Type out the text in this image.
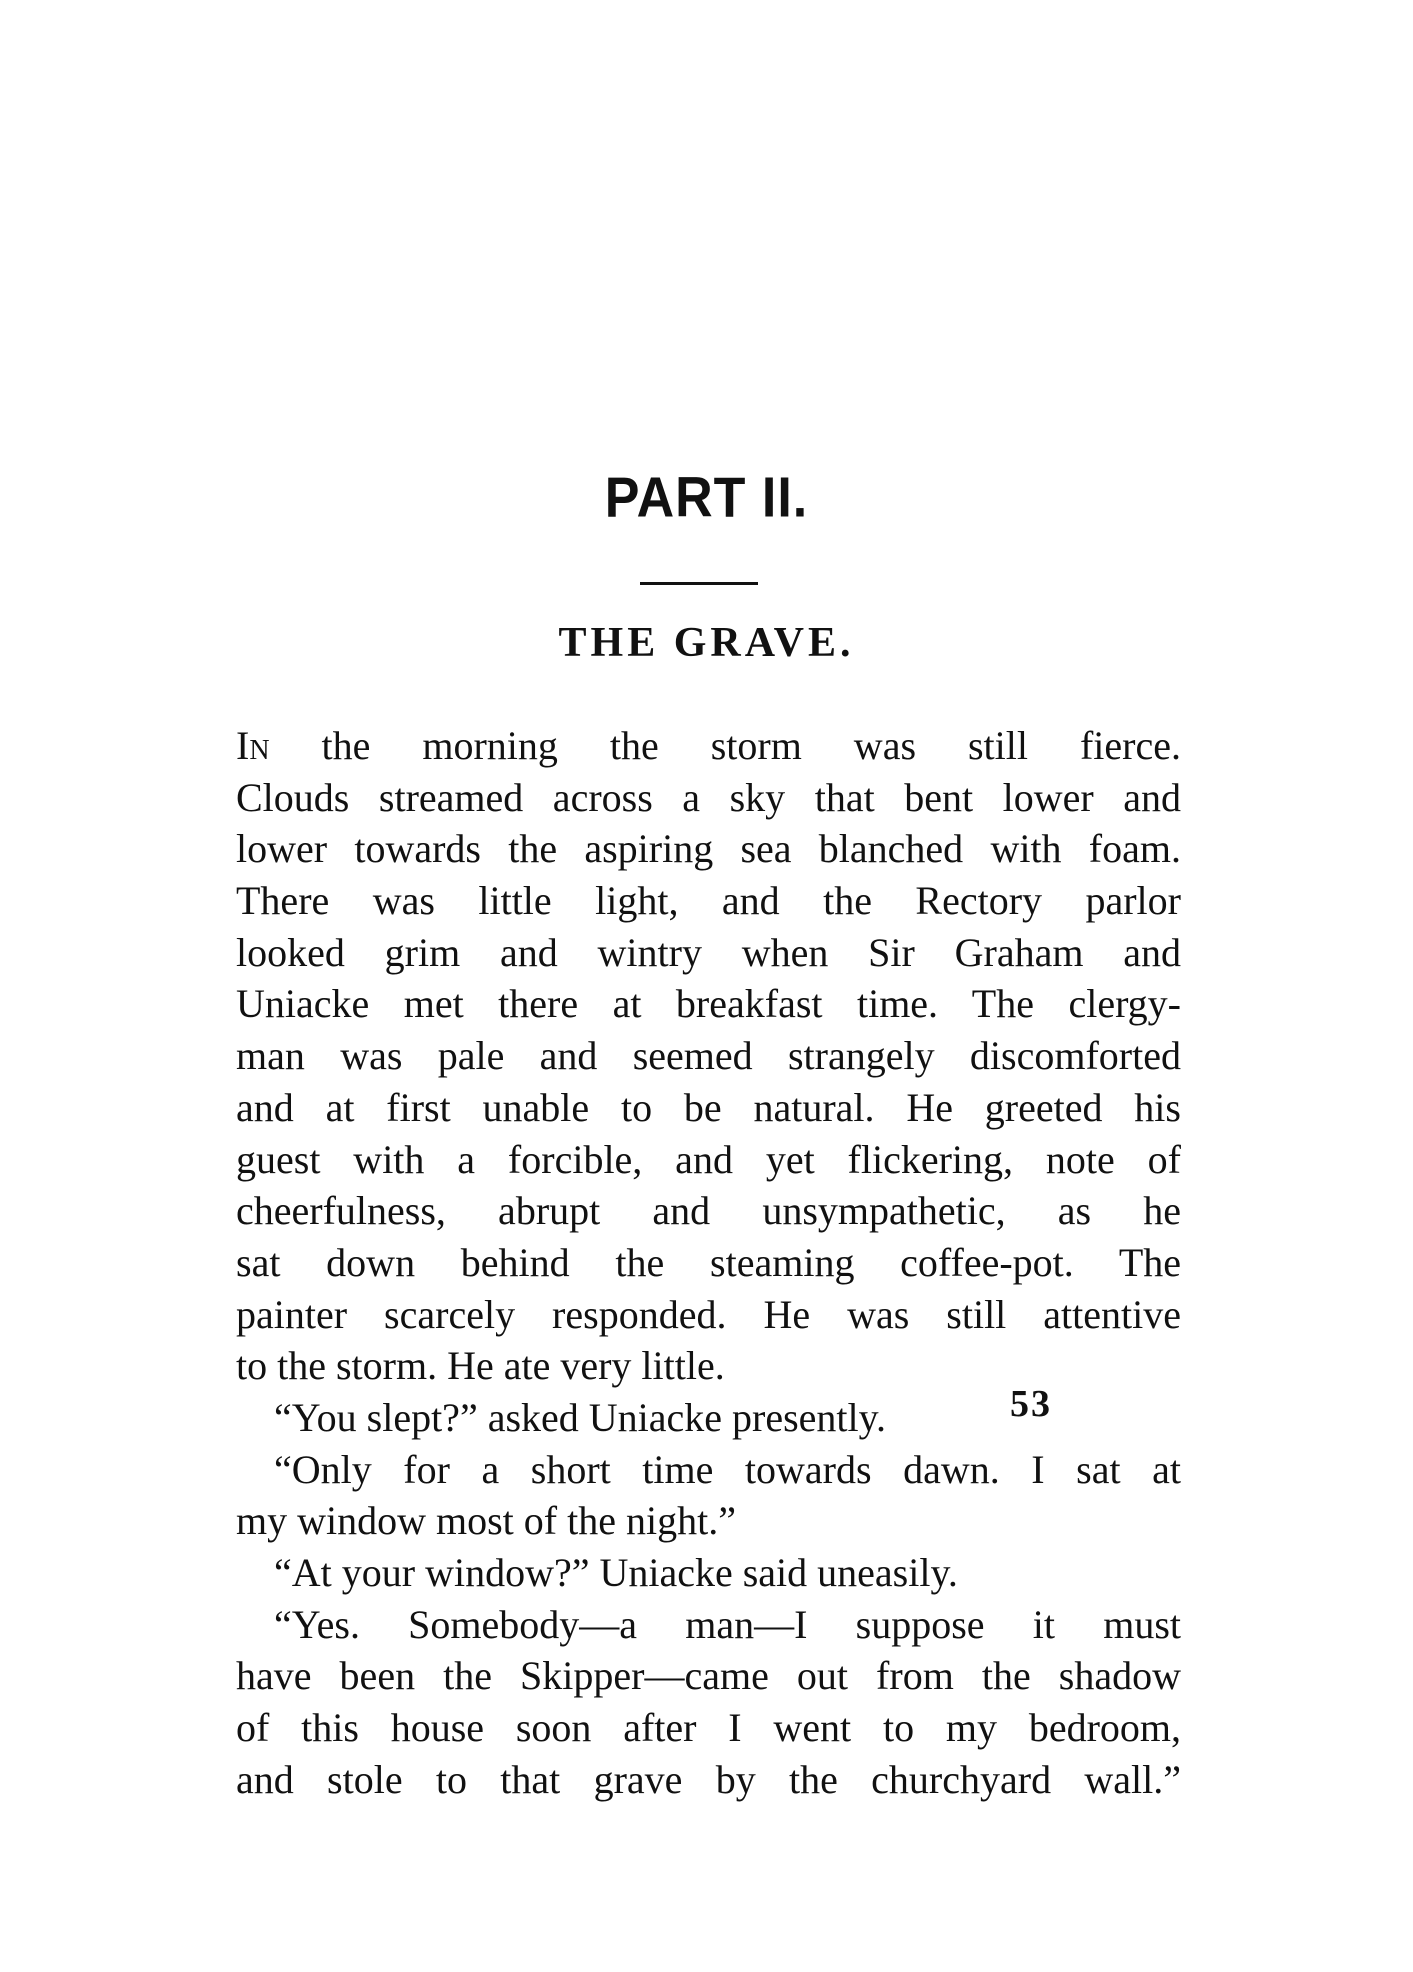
PART II.
THE GRAVE.
In the morning the storm was still fierce.
Clouds streamed across a sky that bent lower and
lower towards the aspiring sea blanched with foam.
There was little light, and the Rectory parlor
looked grim and wintry when Sir Graham and
Uniacke met there at breakfast time. The clergy-
man was pale and seemed strangely discomforted
and at first unable to be natural. He greeted his
guest with a forcible, and yet flickering, note of
cheerfulness, abrupt and unsympathetic, as he
sat down behind the steaming coffee-pot. The
painter scarcely responded. He was still attentive
to the storm. He ate very little.
“You slept?” asked Uniacke presently.
“Only for a short time towards dawn. I sat at
my window most of the night.”
“At your window?” Uniacke said uneasily.
“Yes. Somebody—a man—I suppose it must
have been the Skipper—came out from the shadow
of this house soon after I went to my bedroom,
and stole to that grave by the churchyard wall.”
53
